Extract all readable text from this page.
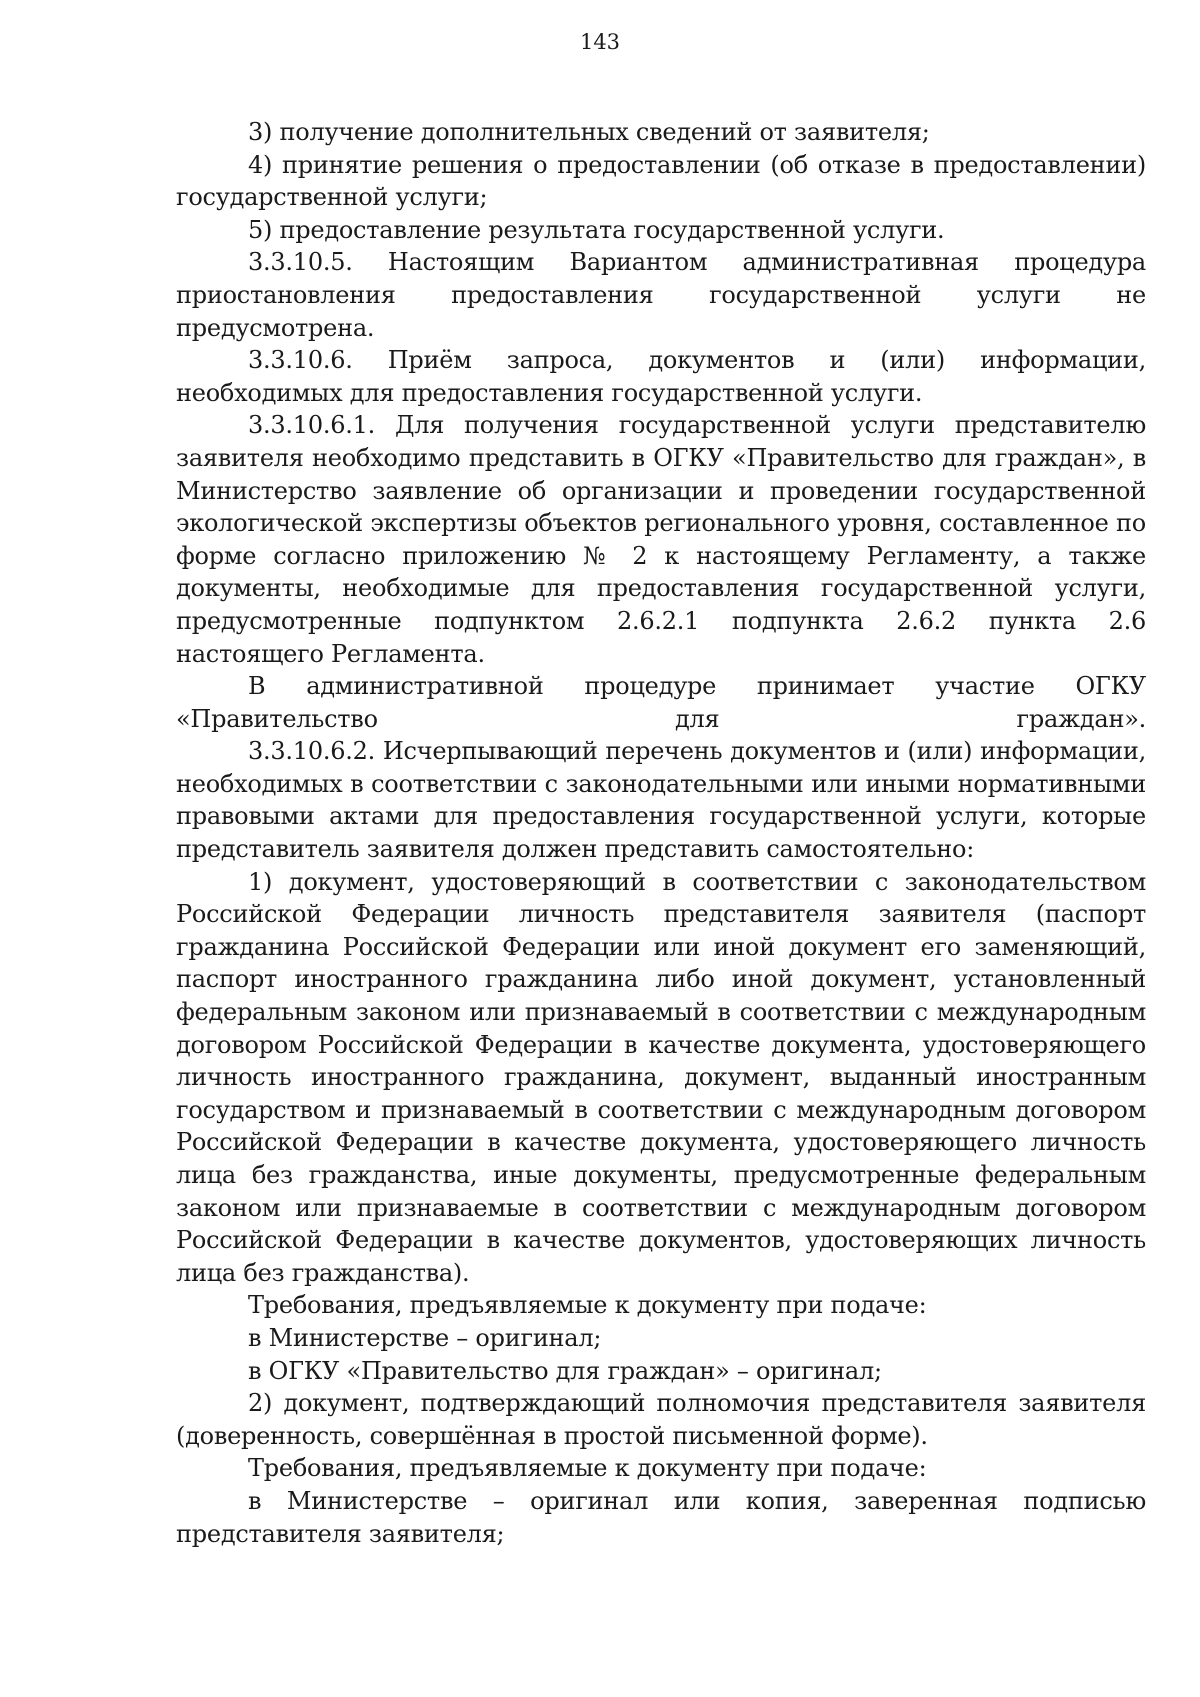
143

3) получение дополнительных сведений от заявителя;

4) принятие решения о предоставлении (об отказе в предоставлении) государственной услуги;

5) предоставление результата государственной услуги.

3.3.10.5. Настоящим Вариантом административная процедура приостановления предоставления государственной услуги не предусмотрена.

3.3.10.6. Приём запроса, документов и (или) информации, необходимых для предоставления государственной услуги.

3.3.10.6.1. Для получения государственной услуги представителю заявителя необходимо представить в ОГКУ «Правительство для граждан», в Министерство заявление об организации и проведении государственной экологической экспертизы объектов регионального уровня, составленное по форме согласно приложению № 2 к настоящему Регламенту, а также документы, необходимые для предоставления государственной услуги, предусмотренные подпунктом 2.6.2.1 подпункта 2.6.2 пункта 2.6 настоящего Регламента.

В административной процедуре принимает участие ОГКУ «Правительство для граждан».

3.3.10.6.2. Исчерпывающий перечень документов и (или) информации, необходимых в соответствии с законодательными или иными нормативными правовыми актами для предоставления государственной услуги, которые представитель заявителя должен представить самостоятельно:

1) документ, удостоверяющий в соответствии с законодательством Российской Федерации личность представителя заявителя (паспорт гражданина Российской Федерации или иной документ его заменяющий, паспорт иностранного гражданина либо иной документ, установленный федеральным законом или признаваемый в соответствии с международным договором Российской Федерации в качестве документа, удостоверяющего личность иностранного гражданина, документ, выданный иностранным государством и признаваемый в соответствии с международным договором Российской Федерации в качестве документа, удостоверяющего личность лица без гражданства, иные документы, предусмотренные федеральным законом или признаваемые в соответствии с международным договором Российской Федерации в качестве документов, удостоверяющих личность лица без гражданства).

Требования, предъявляемые к документу при подаче:

в Министерстве – оригинал;

в ОГКУ «Правительство для граждан» – оригинал;

2) документ, подтверждающий полномочия представителя заявителя (доверенность, совершённая в простой письменной форме).

Требования, предъявляемые к документу при подаче:

в Министерстве – оригинал или копия, заверенная подписью представителя заявителя;
